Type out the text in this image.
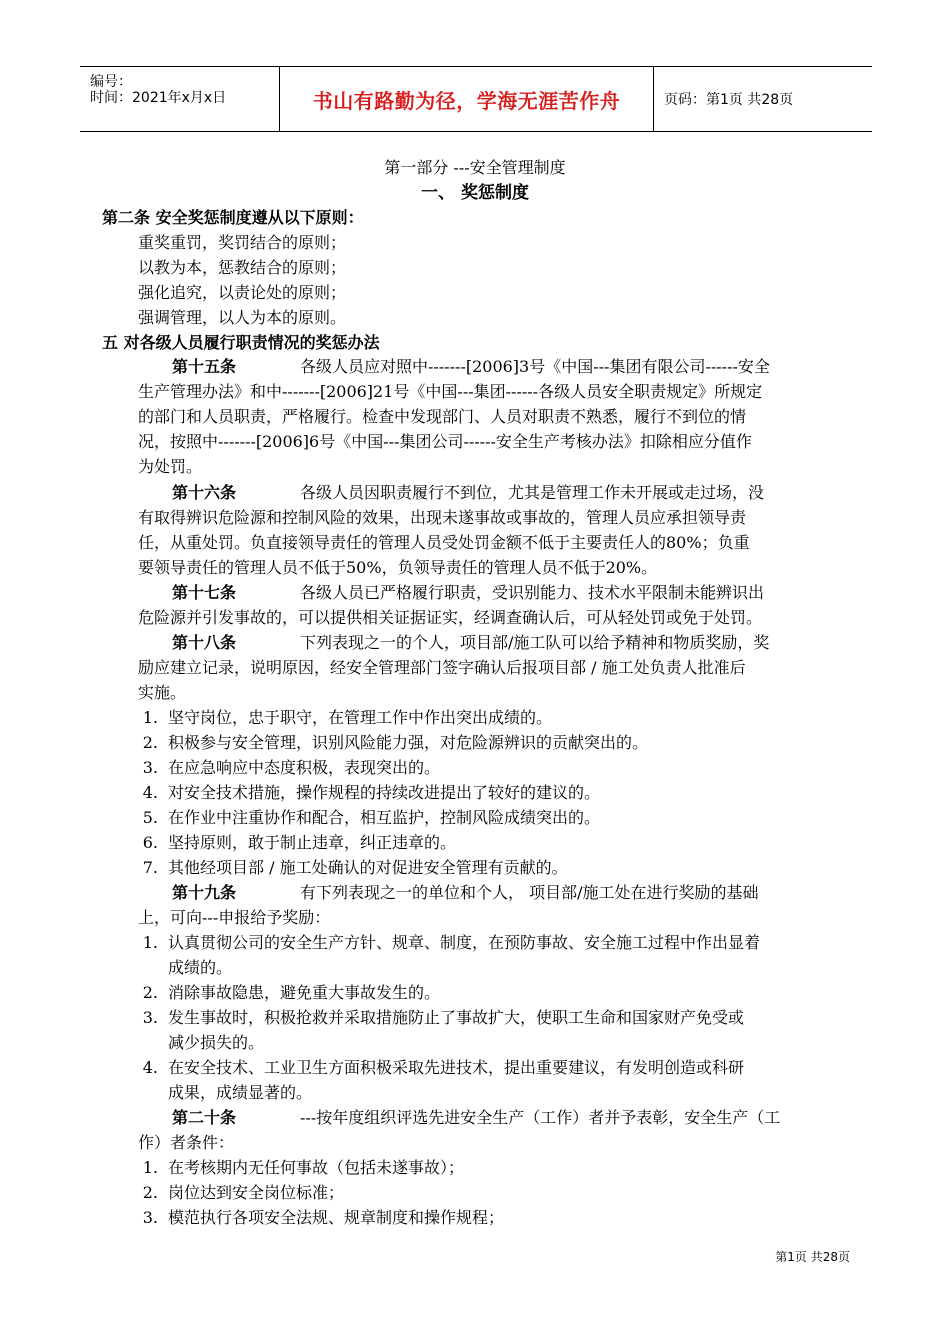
编号：
时间：2021年x月x日	书山有路勤为径，学海无涯苦作舟	页码：第1页 共28页
第一部分 ---安全管理制度
一、 奖惩制度
第二条 安全奖惩制度遵从以下原则：
重奖重罚，奖罚结合的原则；
以教为本，惩教结合的原则；
强化追究，以责论处的原则；
强调管理，以人为本的原则。
五 对各级人员履行职责情况的奖惩办法
第十五条	各级人员应对照中-------[2006]3号《中国---集团有限公司------安全
生产管理办法》和中-------[2006]21号《中国---集团------各级人员安全职责规定》所规定
的部门和人员职责，严格履行。检查中发现部门、人员对职责不熟悉，履行不到位的情
况，按照中-------[2006]6号《中国---集团公司------安全生产考核办法》扣除相应分值作
为处罚。
第十六条	各级人员因职责履行不到位，尤其是管理工作未开展或走过场，没
有取得辨识危险源和控制风险的效果，出现未遂事故或事故的，管理人员应承担领导责
任，从重处罚。负直接领导责任的管理人员受处罚金额不低于主要责任人的80%；负重
要领导责任的管理人员不低于50%，负领导责任的管理人员不低于20%。
第十七条	各级人员已严格履行职责，受识别能力、技术水平限制未能辨识出
危险源并引发事故的，可以提供相关证据证实，经调查确认后，可从轻处罚或免于处罚。
第十八条	下列表现之一的个人，项目部/施工队可以给予精神和物质奖励，奖
励应建立记录，说明原因，经安全管理部门签字确认后报项目部 / 施工处负责人批准后
实施。
1. 坚守岗位，忠于职守，在管理工作中作出突出成绩的。
2. 积极参与安全管理，识别风险能力强，对危险源辨识的贡献突出的。
3. 在应急响应中态度积极，表现突出的。
4. 对安全技术措施，操作规程的持续改进提出了较好的建议的。
5. 在作业中注重协作和配合，相互监护，控制风险成绩突出的。
6. 坚持原则，敢于制止违章，纠正违章的。
7. 其他经项目部 / 施工处确认的对促进安全管理有贡献的。
第十九条	有下列表现之一的单位和个人， 项目部/施工处在进行奖励的基础
上，可向---申报给予奖励：
1. 认真贯彻公司的安全生产方针、规章、制度，在预防事故、安全施工过程中作出显着
成绩的。
2. 消除事故隐患，避免重大事故发生的。
3. 发生事故时，积极抢救并采取措施防止了事故扩大，使职工生命和国家财产免受或
减少损失的。
4. 在安全技术、工业卫生方面积极采取先进技术，提出重要建议，有发明创造或科研
成果，成绩显著的。
第二十条	---按年度组织评选先进安全生产（工作）者并予表彰，安全生产（工
作）者条件：
1. 在考核期内无任何事故（包括未遂事故）；
2. 岗位达到安全岗位标准；
3. 模范执行各项安全法规、规章制度和操作规程；
第1页 共28页
